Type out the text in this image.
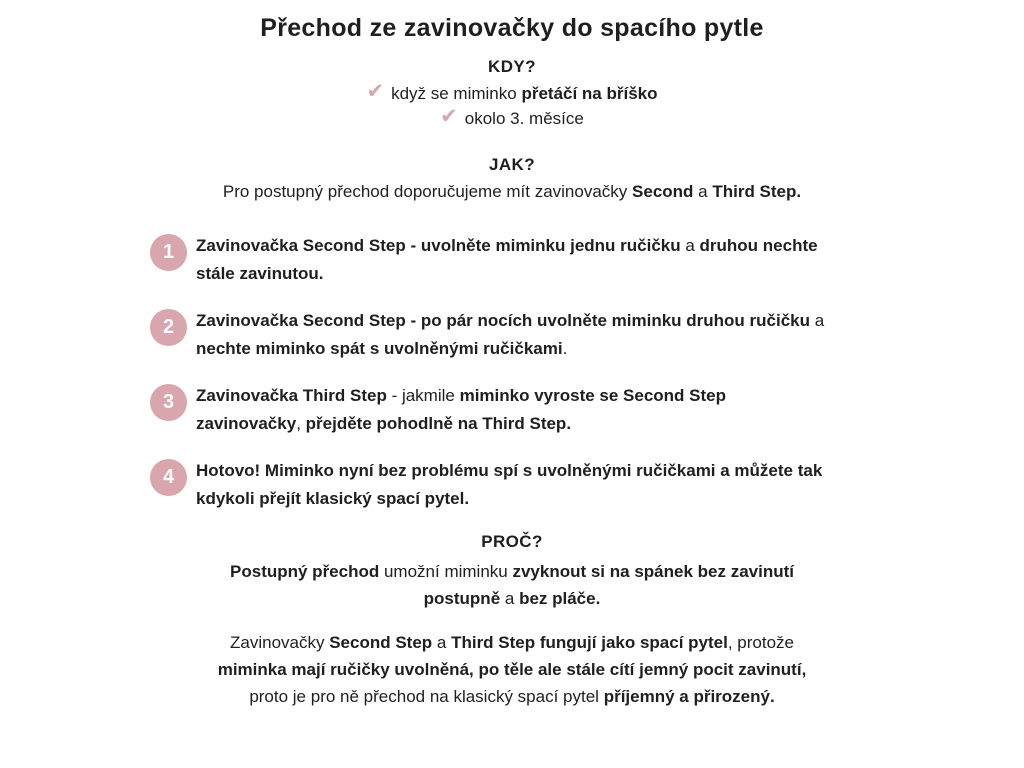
Přechod ze zavinovačky do spacího pytle
KDY?
✔ když se miminko přetáčí na bříško
✔ okolo 3. měsíce
JAK?
Pro postupný přechod doporučujeme mít zavinovačky Second a Third Step.
1 Zavinovačka Second Step - uvolněte miminku jednu ručičku a druhou nechte
stále zavinutou.
2 Zavinovačka Second Step - po pár nocích uvolněte miminku druhou ručičku a
nechte miminko spát s uvolněnými ručičkami.
3 Zavinovačka Third Step - jakmile miminko vyroste se Second Step
zavinovačky, přejděte pohodlně na Third Step.
4 Hotovo! Miminko nyní bez problému spí s uvolněnými ručičkami a můžete tak
kdykoli přejít klasický spací pytel.
PROČ?
Postupný přechod umožní miminku zvyknout si na spánek bez zavinutí
postupně a bez pláče.
Zavinovačky Second Step a Third Step fungují jako spací pytel, protože
miminka mají ručičky uvolněná, po těle ale stále cítí jemný pocit zavinutí,
proto je pro ně přechod na klasický spací pytel příjemný a přirozený.
